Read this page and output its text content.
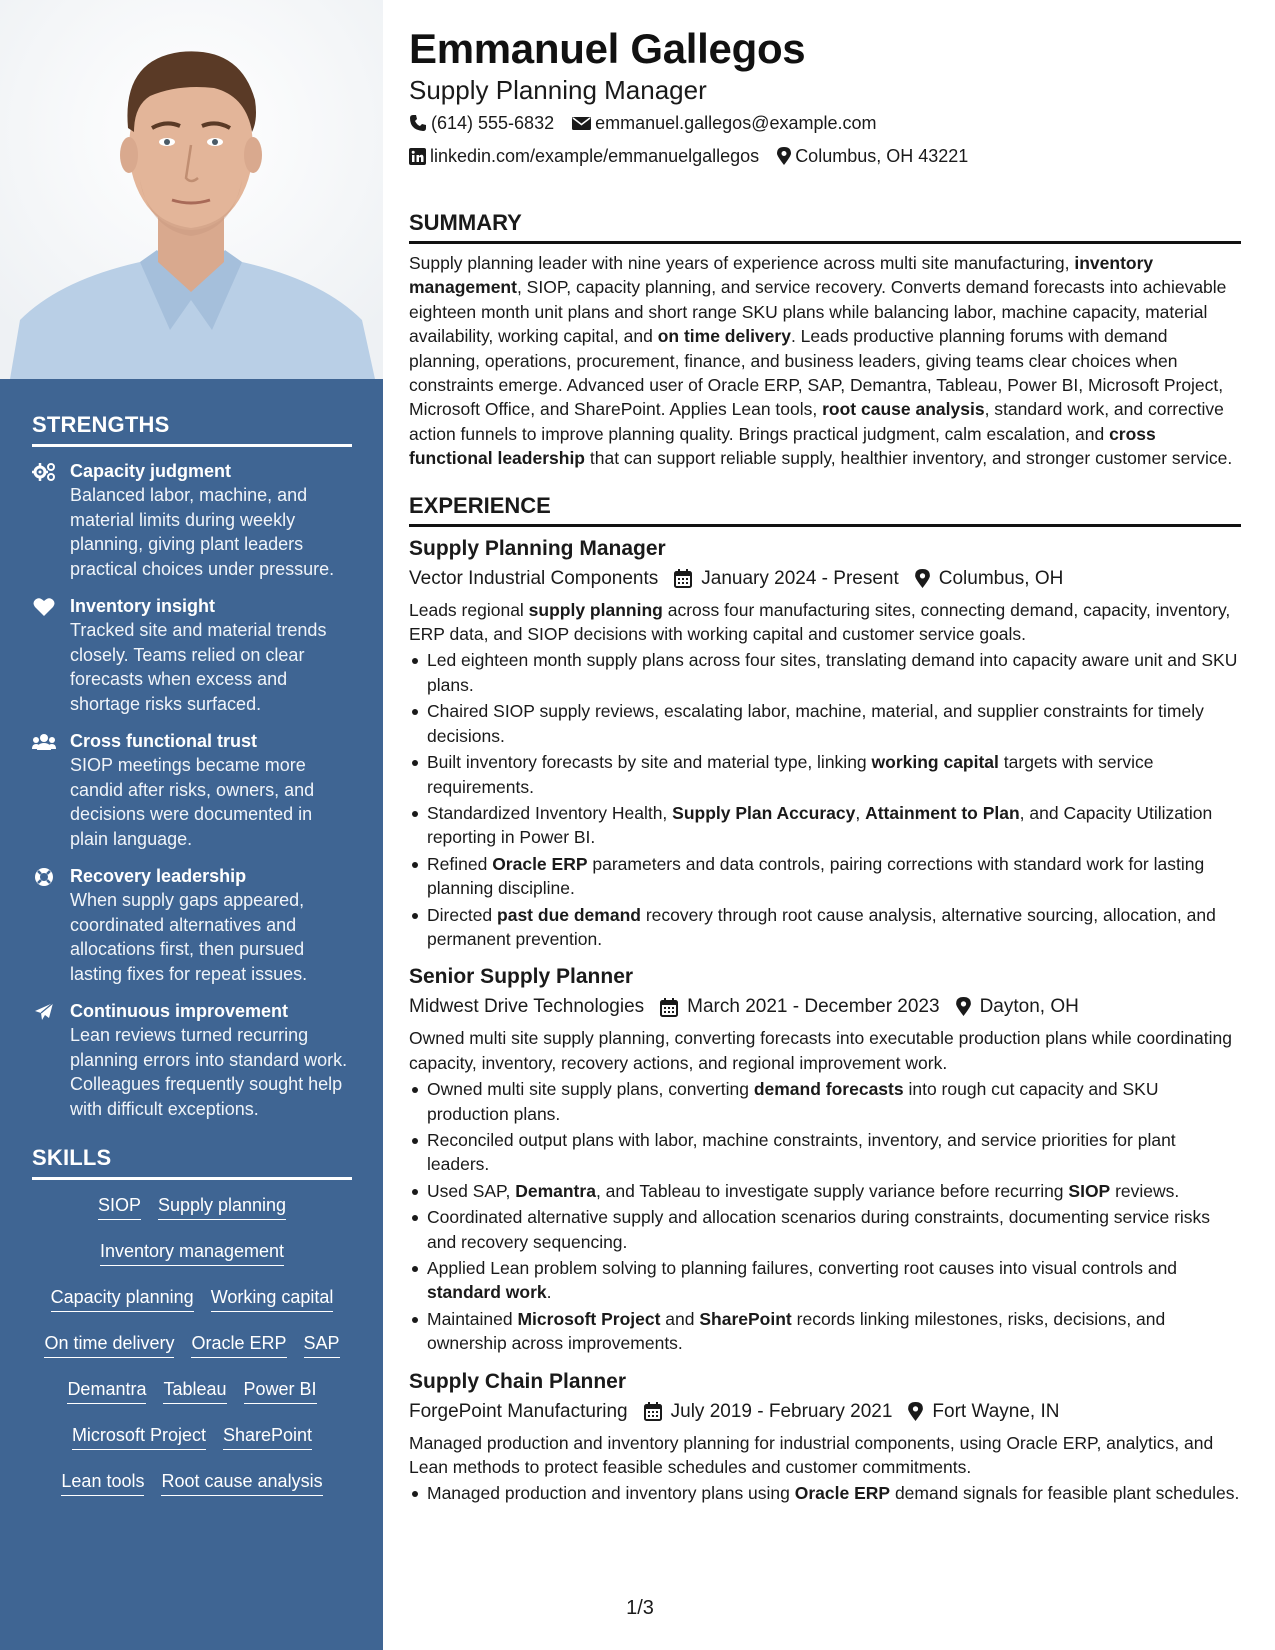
STRENGTHS
Capacity judgment
Balanced labor, machine, and material limits during weekly planning, giving plant leaders practical choices under pressure.
Inventory insight
Tracked site and material trends closely. Teams relied on clear forecasts when excess and shortage risks surfaced.
Cross functional trust
SIOP meetings became more candid after risks, owners, and decisions were documented in plain language.
Recovery leadership
When supply gaps appeared, coordinated alternatives and allocations first, then pursued lasting fixes for repeat issues.
Continuous improvement
Lean reviews turned recurring planning errors into standard work. Colleagues frequently sought help with difficult exceptions.
SKILLS
SIOP Supply planning
Inventory management
Capacity planning Working capital
On time delivery Oracle ERP SAP
Demantra Tableau Power BI
Microsoft Project SharePoint
Lean tools Root cause analysis
Emmanuel Gallegos
Supply Planning Manager
(614) 555-6832 emmanuel.gallegos@example.com
linkedin.com/example/emmanuelgallegos Columbus, OH 43221
SUMMARY

Supply planning leader with nine years of experience across multi site manufacturing, inventory management, SIOP, capacity planning, and service recovery. Converts demand forecasts into achievable eighteen month unit plans and short range SKU plans while balancing labor, machine capacity, material availability, working capital, and on time delivery. Leads productive planning forums with demand planning, operations, procurement, finance, and business leaders, giving teams clear choices when constraints emerge. Advanced user of Oracle ERP, SAP, Demantra, Tableau, Power BI, Microsoft Project, Microsoft Office, and SharePoint. Applies Lean tools, root cause analysis, standard work, and corrective action funnels to improve planning quality. Brings practical judgment, calm escalation, and cross functional leadership that can support reliable supply, healthier inventory, and stronger customer service.

EXPERIENCE
Supply Planning Manager
Vector Industrial Components January 2024 - Present Columbus, OH

Leads regional supply planning across four manufacturing sites, connecting demand, capacity, inventory, ERP data, and SIOP decisions with working capital and customer service goals.

Led eighteen month supply plans across four sites, translating demand into capacity aware unit and SKU plans.
Chaired SIOP supply reviews, escalating labor, machine, material, and supplier constraints for timely decisions.
Built inventory forecasts by site and material type, linking working capital targets with service requirements.
Standardized Inventory Health, Supply Plan Accuracy, Attainment to Plan, and Capacity Utilization reporting in Power BI.
Refined Oracle ERP parameters and data controls, pairing corrections with standard work for lasting planning discipline.
Directed past due demand recovery through root cause analysis, alternative sourcing, allocation, and permanent prevention.
Senior Supply Planner
Midwest Drive Technologies March 2021 - December 2023 Dayton, OH

Owned multi site supply planning, converting forecasts into executable production plans while coordinating capacity, inventory, recovery actions, and regional improvement work.

Owned multi site supply plans, converting demand forecasts into rough cut capacity and SKU production plans.
Reconciled output plans with labor, machine constraints, inventory, and service priorities for plant leaders.
Used SAP, Demantra, and Tableau to investigate supply variance before recurring SIOP reviews.
Coordinated alternative supply and allocation scenarios during constraints, documenting service risks and recovery sequencing.
Applied Lean problem solving to planning failures, converting root causes into visual controls and standard work.
Maintained Microsoft Project and SharePoint records linking milestones, risks, decisions, and ownership across improvements.
Supply Chain Planner
ForgePoint Manufacturing July 2019 - February 2021 Fort Wayne, IN

Managed production and inventory planning for industrial components, using Oracle ERP, analytics, and Lean methods to protect feasible schedules and customer commitments.

Managed production and inventory plans using Oracle ERP demand signals for feasible plant schedules.
1/3
